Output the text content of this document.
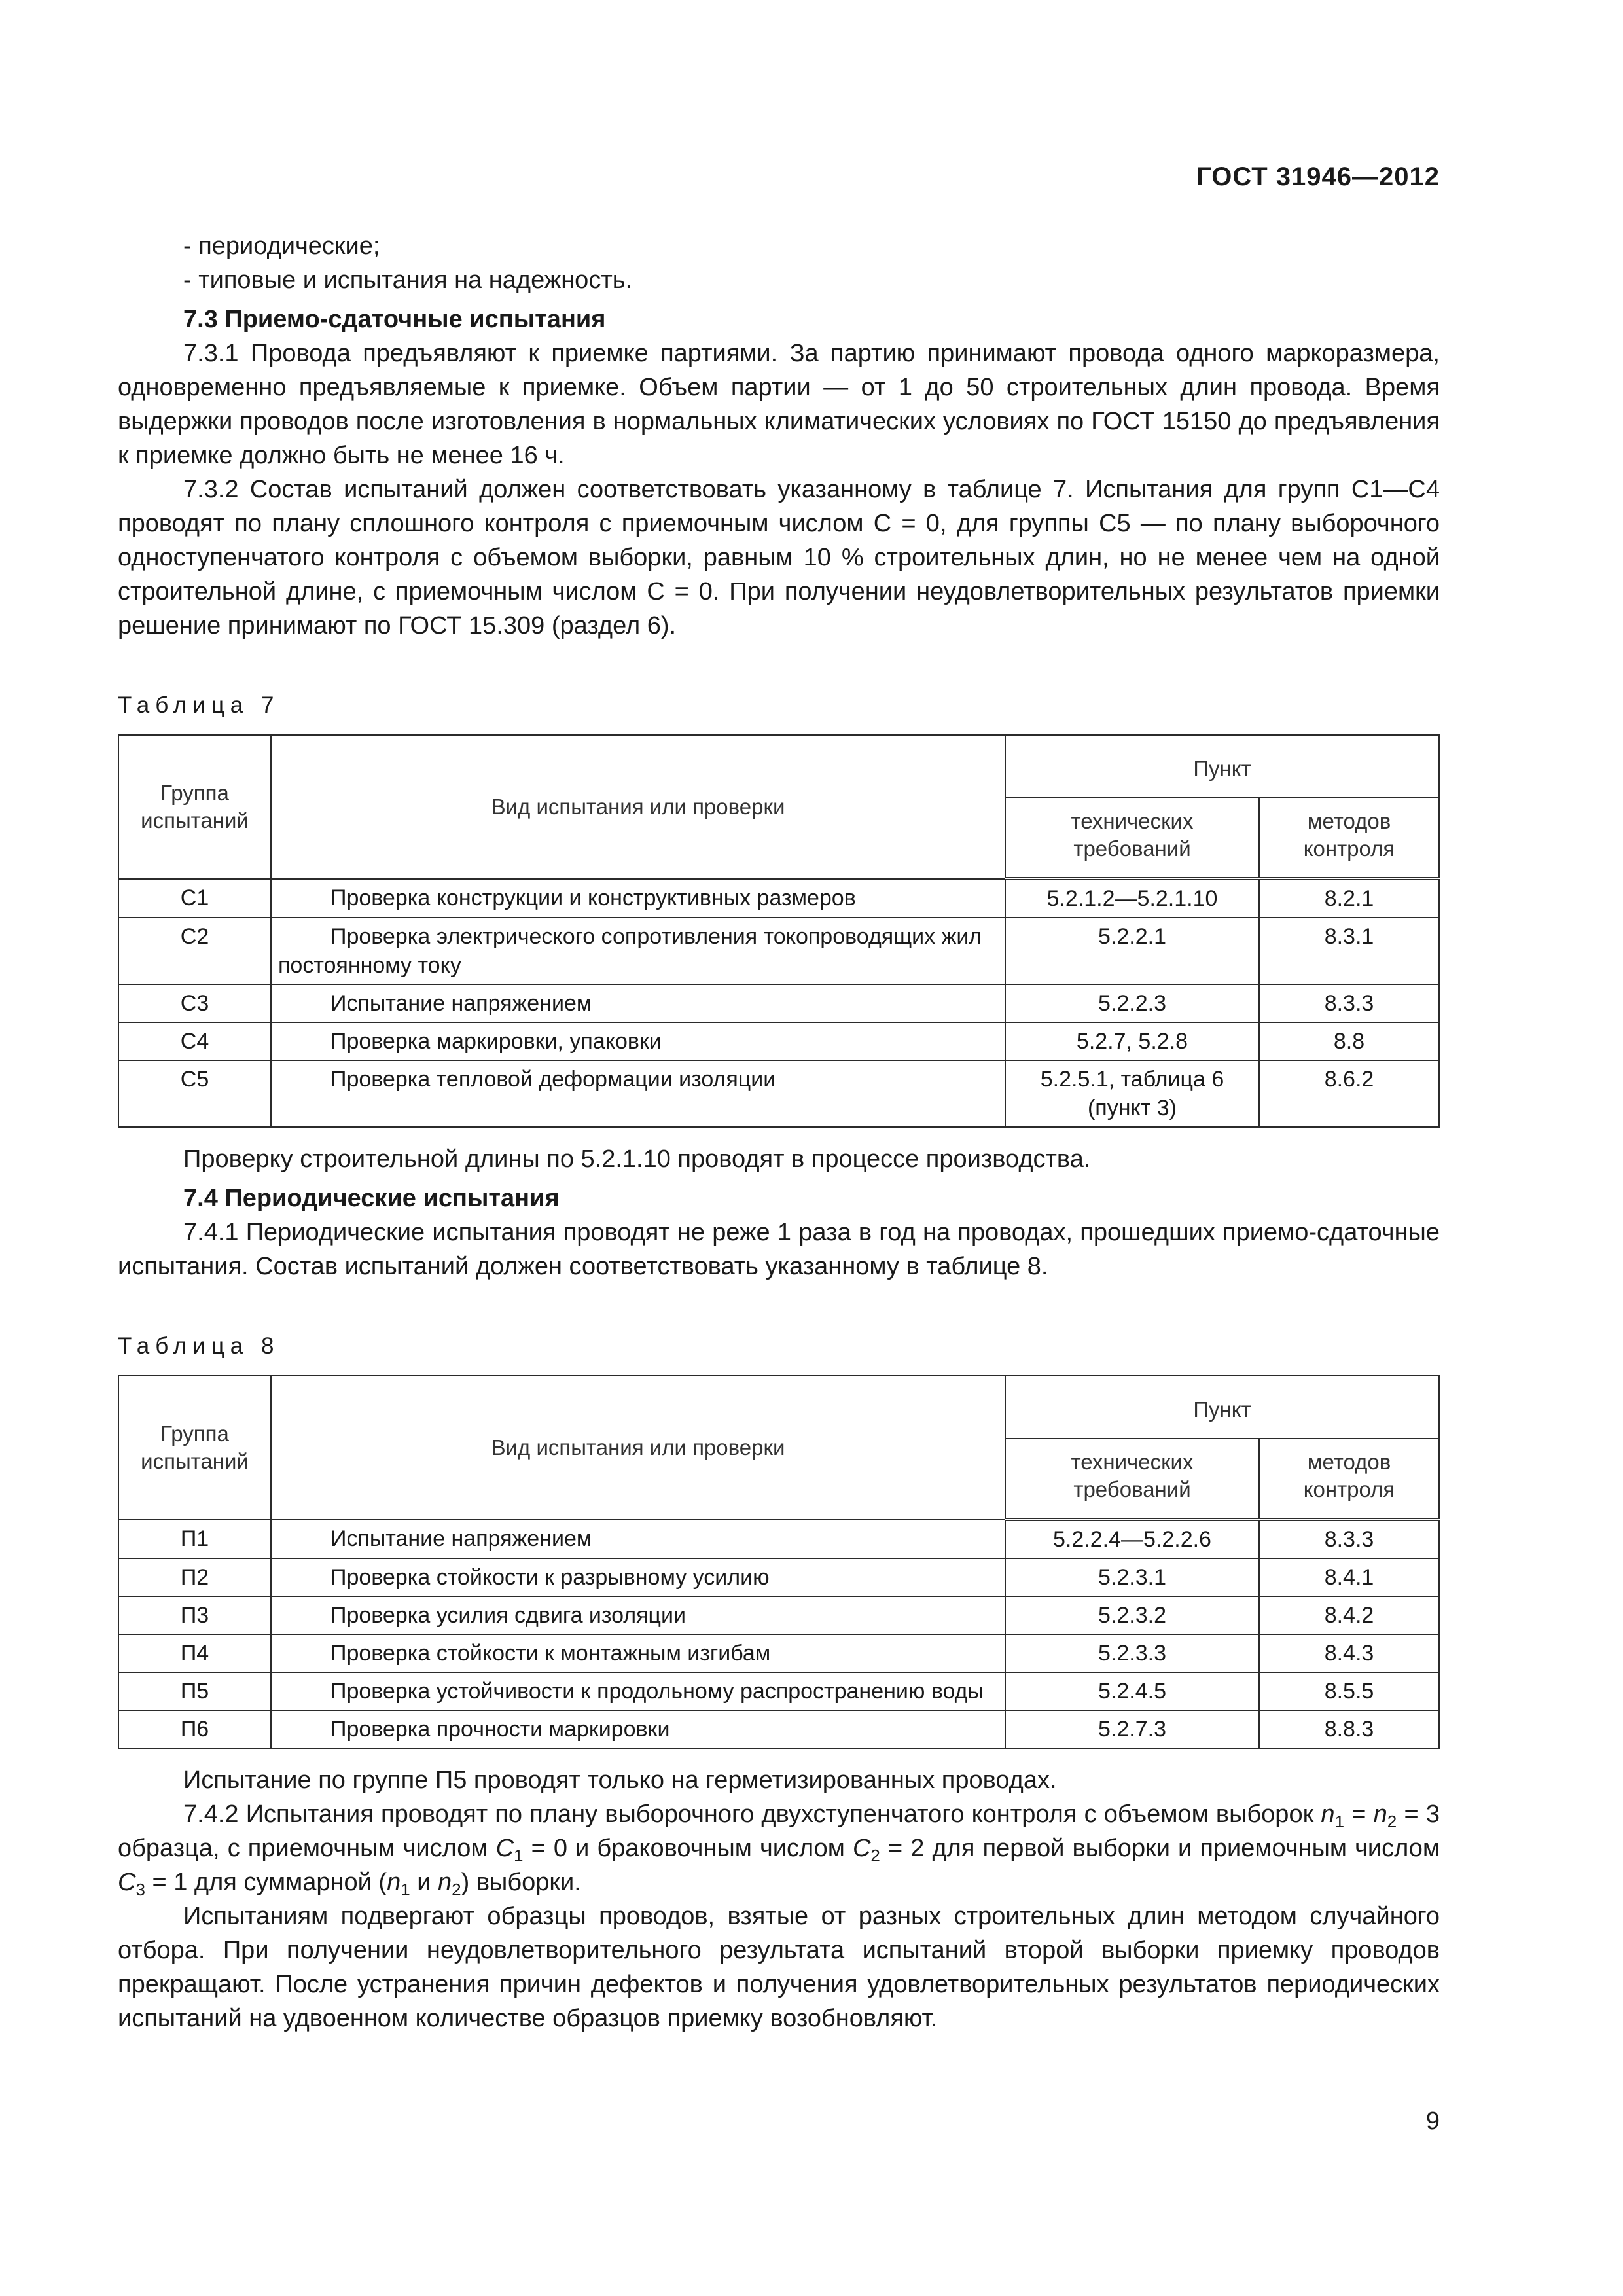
ГОСТ 31946—2012

- периодические;

- типовые и испытания на надежность.

7.3 Приемо-сдаточные испытания

7.3.1 Провода предъявляют к приемке партиями. За партию принимают провода одного маркоразмера, одновременно предъявляемые к приемке. Объем партии — от 1 до 50 строительных длин провода. Время выдержки проводов после изготовления в нормальных климатических условиях по ГОСТ 15150 до предъявления к приемке должно быть не менее 16 ч.

7.3.2 Состав испытаний должен соответствовать указанному в таблице 7. Испытания для групп С1—С4 проводят по плану сплошного контроля с приемочным числом С = 0, для группы С5 — по плану выборочного одноступенчатого контроля с объемом выборки, равным 10 % строительных длин, но не менее чем на одной строительной длине, с приемочным числом С = 0. При получении неудовлетворительных результатов приемки решение принимают по ГОСТ 15.309 (раздел 6).

Таблица 7
Группа испытаний	Вид испытания или проверки	Пункт	
		технических требований	методов контроля
С1	Проверка конструкции и конструктивных размеров	5.2.1.2—5.2.1.10	8.2.1
С2	Проверка электрического сопротивления токопроводящих жил постоянному току	5.2.2.1	8.3.1
С3	Испытание напряжением	5.2.2.3	8.3.3
С4	Проверка маркировки, упаковки	5.2.7, 5.2.8	8.8
С5	Проверка тепловой деформации изоляции	5.2.5.1, таблица 6 (пункт 3)	8.6.2

Проверку строительной длины по 5.2.1.10 проводят в процессе производства.

7.4 Периодические испытания

7.4.1 Периодические испытания проводят не реже 1 раза в год на проводах, прошедших приемо-сдаточные испытания. Состав испытаний должен соответствовать указанному в таблице 8.

Таблица 8
Группа испытаний	Вид испытания или проверки	Пункт	
		технических требований	методов контроля
П1	Испытание напряжением	5.2.2.4—5.2.2.6	8.3.3
П2	Проверка стойкости к разрывному усилию	5.2.3.1	8.4.1
П3	Проверка усилия сдвига изоляции	5.2.3.2	8.4.2
П4	Проверка стойкости к монтажным изгибам	5.2.3.3	8.4.3
П5	Проверка устойчивости к продольному распространению воды	5.2.4.5	8.5.5
П6	Проверка прочности маркировки	5.2.7.3	8.8.3

Испытание по группе П5 проводят только на герметизированных проводах.

7.4.2 Испытания проводят по плану выборочного двухступенчатого контроля с объемом выборок $n_1 = n_2 = 3$ образца, с приемочным числом $C_1 = 0$ и браковочным числом $C_2 = 2$ для первой выборки и приемочным числом $C_3 = 1$ для суммарной ($n_1$ и $n_2$) выборки.

Испытаниям подвергают образцы проводов, взятые от разных строительных длин методом случайного отбора. При получении неудовлетворительного результата испытаний второй выборки приемку проводов прекращают. После устранения причин дефектов и получения удовлетворительных результатов периодических испытаний на удвоенном количестве образцов приемку возобновляют.

9
